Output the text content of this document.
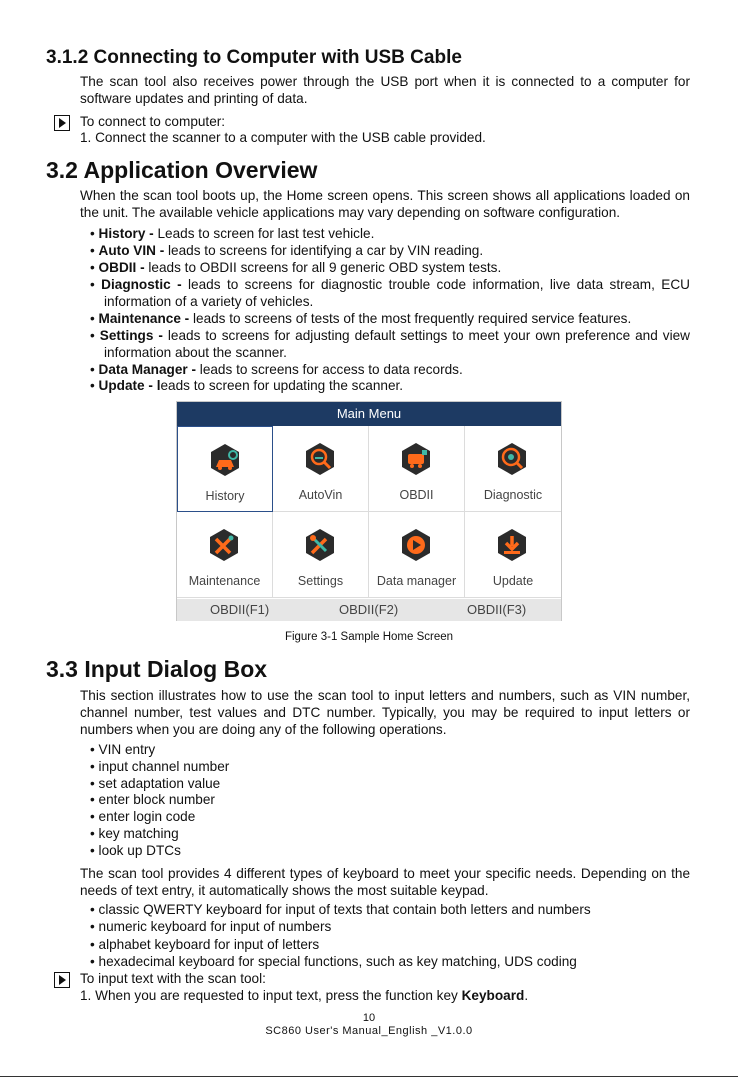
3.1.2 Connecting to Computer with USB Cable

The scan tool also receives power through the USB port when it is connected to a computer for software updates and printing of data.

To connect to computer:

1. Connect the scanner to a computer with the USB cable provided.

3.2 Application Overview

When the scan tool boots up, the Home screen opens. This screen shows all applications loaded on the unit. The available vehicle applications may vary depending on software configuration.

• History - Leads to screen for last test vehicle.

• Auto VIN - leads to screens for identifying a car by VIN reading.

• OBDII - leads to OBDII screens for all 9 generic OBD system tests.

• Diagnostic - leads to screens for diagnostic trouble code information, live data stream, ECU information of a variety of vehicles.

• Maintenance - leads to screens of tests of the most frequently required service features.

• Settings - leads to screens for adjusting default settings to meet your own preference and view information about the scanner.

• Data Manager - leads to screens for access to data records.

• Update - leads to screen for updating the scanner.

Main Menu
History	AutoVin	OBDII	Diagnostic
Maintenance	Settings	Data manager	Update
OBDII(F1)	OBDII(F2)	OBDII(F3)
Figure 3-1 Sample Home Screen
3.3 Input Dialog Box

This section illustrates how to use the scan tool to input letters and numbers, such as VIN number, channel number, test values and DTC number. Typically, you may be required to input letters or numbers when you are doing any of the following operations.

• VIN entry

• input channel number

• set adaptation value

• enter block number

• enter login code

• key matching

• look up DTCs

The scan tool provides 4 different types of keyboard to meet your specific needs. Depending on the needs of text entry, it automatically shows the most suitable keypad.

• classic QWERTY keyboard for input of texts that contain both letters and numbers

• numeric keyboard for input of numbers

• alphabet keyboard for input of letters

• hexadecimal keyboard for special functions, such as key matching, UDS coding

To input text with the scan tool:

1. When you are requested to input text, press the function key Keyboard.

10
SC860 User's Manual_English _V1.0.0
